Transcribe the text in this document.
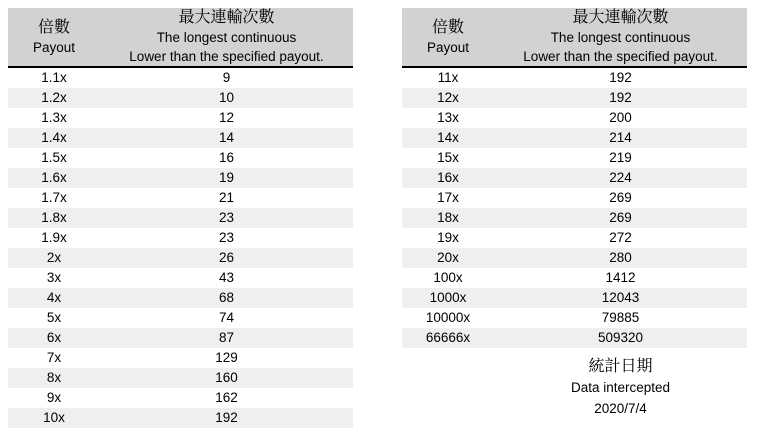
倍數
Payout
最大連輸次數
The longest continuous
Lower than the specified payout.
1.1x	9
1.2x	10
1.3x	12
1.4x	14
1.5x	16
1.6x	19
1.7x	21
1.8x	23
1.9x	23
2x	26
3x	43
4x	68
5x	74
6x	87
7x	129
8x	160
9x	162
10x	192
倍數
Payout
最大連輸次數
The longest continuous
Lower than the specified payout.
11x	192
12x	192
13x	200
14x	214
15x	219
16x	224
17x	269
18x	269
19x	272
20x	280
100x	1412
1000x	12043
10000x	79885
66666x	509320
統計日期
Data intercepted
2020/7/4
